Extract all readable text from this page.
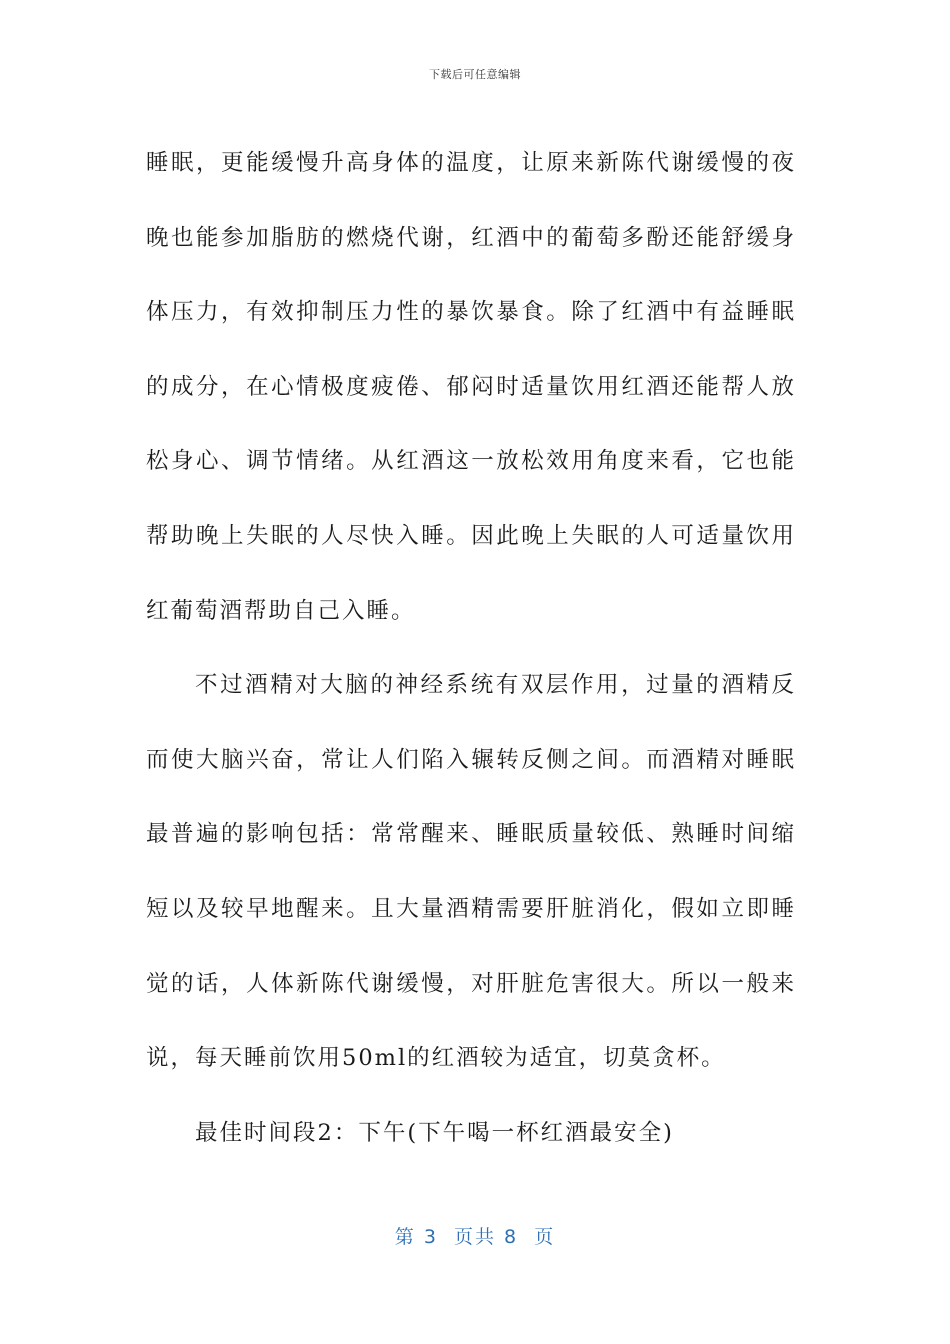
下载后可任意编辑

睡眠，更能缓慢升高身体的温度，让原来新陈代谢缓慢的夜晚也能参加脂肪的燃烧代谢，红酒中的葡萄多酚还能舒缓身体压力，有效抑制压力性的暴饮暴食。除了红酒中有益睡眠的成分，在心情极度疲倦、郁闷时适量饮用红酒还能帮人放松身心、调节情绪。从红酒这一放松效用角度来看，它也能帮助晚上失眠的人尽快入睡。因此晚上失眠的人可适量饮用红葡萄酒帮助自己入睡。

不过酒精对大脑的神经系统有双层作用，过量的酒精反而使大脑兴奋，常让人们陷入辗转反侧之间。而酒精对睡眠最普遍的影响包括：常常醒来、睡眠质量较低、熟睡时间缩短以及较早地醒来。且大量酒精需要肝脏消化，假如立即睡觉的话，人体新陈代谢缓慢，对肝脏危害很大。所以一般来说，每天睡前饮用50ml的红酒较为适宜，切莫贪杯。

最佳时间段2：下午(下午喝一杯红酒最安全)

第 3  页共 8  页
